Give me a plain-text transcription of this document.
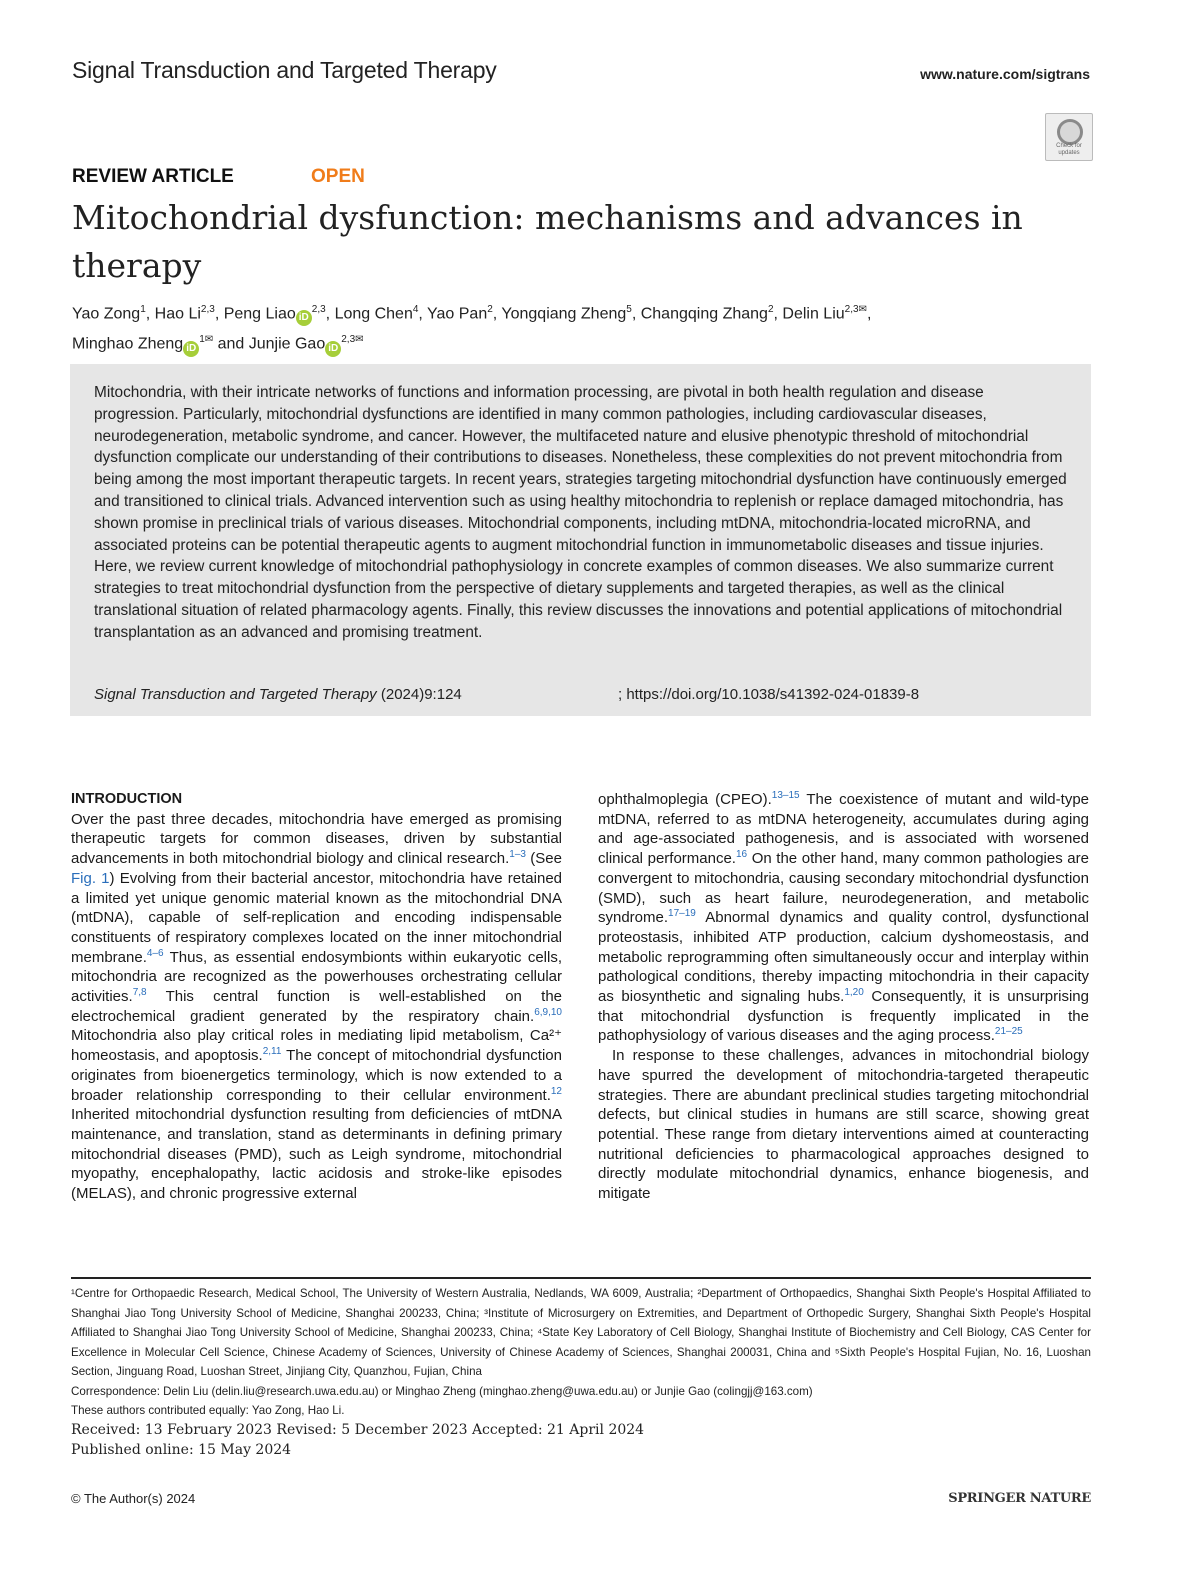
Signal Transduction and Targeted Therapy	www.nature.com/sigtrans
Check for updates
REVIEW ARTICLE	OPEN
Mitochondrial dysfunction: mechanisms and advances in therapy
Yao Zong$^1$, Hao Li$^{2,3}$, Peng Liao iD$^{2,3}$, Long Chen$^4$, Yao Pan$^2$, Yongqiang Zheng$^5$, Changqing Zhang$^2$, Delin Liu$^{2,3✉}$,
Minghao Zheng $iD^{1✉}$ and Junjie Gao $iD^{2,3✉}$

Mitochondria, with their intricate networks of functions and information processing, are pivotal in both health regulation and disease progression. Particularly, mitochondrial dysfunctions are identified in many common pathologies, including cardiovascular diseases, neurodegeneration, metabolic syndrome, and cancer. However, the multifaceted nature and elusive phenotypic threshold of mitochondrial dysfunction complicate our understanding of their contributions to diseases. Nonetheless, these complexities do not prevent mitochondria from being among the most important therapeutic targets. In recent years, strategies targeting mitochondrial dysfunction have continuously emerged and transitioned to clinical trials. Advanced intervention such as using healthy mitochondria to replenish or replace damaged mitochondria, has shown promise in preclinical trials of various diseases. Mitochondrial components, including mtDNA, mitochondria-located microRNA, and associated proteins can be potential therapeutic agents to augment mitochondrial function in immunometabolic diseases and tissue injuries. Here, we review current knowledge of mitochondrial pathophysiology in concrete examples of common diseases. We also summarize current strategies to treat mitochondrial dysfunction from the perspective of dietary supplements and targeted therapies, as well as the clinical translational situation of related pharmacology agents. Finally, this review discusses the innovations and potential applications of mitochondrial transplantation as an advanced and promising treatment.

Signal Transduction and Targeted Therapy (2024)9:124	; https://doi.org/10.1038/s41392-024-01839-8

INTRODUCTION

Over the past three decades, mitochondria have emerged as promising therapeutic targets for common diseases, driven by substantial advancements in both mitochondrial biology and clinical research.$^{1-3}$ (See Fig. 1) Evolving from their bacterial ancestor, mitochondria have retained a limited yet unique genomic material known as the mitochondrial DNA (mtDNA), capable of self-replication and encoding indispensable constituents of respiratory complexes located on the inner mitochondrial membrane.$^{4-6}$ Thus, as essential endosymbionts within eukaryotic cells, mitochondria are recognized as the powerhouses orchestrating cellular activities.$^{7,8}$ This central function is well-established on the electrochemical gradient generated by the respiratory chain.$^{6,9,10}$ Mitochondria also play critical roles in mediating lipid metabolism, Ca²⁺ homeostasis, and apoptosis.$^{2,11}$ The concept of mitochondrial dysfunction originates from bioenergetics terminology, which is now extended to a broader relationship corresponding to their cellular environment.$^{12}$ Inherited mitochondrial dysfunction resulting from deficiencies of mtDNA maintenance, and translation, stand as determinants in defining primary mitochondrial diseases (PMD), such as Leigh syndrome, mitochondrial myopathy, encephalopathy, lactic acidosis and stroke-like episodes (MELAS), and chronic progressive external

ophthalmoplegia (CPEO).$^{13-15}$ The coexistence of mutant and wild-type mtDNA, referred to as mtDNA heterogeneity, accumulates during aging and age-associated pathogenesis, and is associated with worsened clinical performance.$^{16}$ On the other hand, many common pathologies are convergent to mitochondria, causing secondary mitochondrial dysfunction (SMD), such as heart failure, neurodegeneration, and metabolic syndrome.$^{17-19}$ Abnormal dynamics and quality control, dysfunctional proteostasis, inhibited ATP production, calcium dyshomeostasis, and metabolic reprogramming often simultaneously occur and interplay within pathological conditions, thereby impacting mitochondria in their capacity as biosynthetic and signaling hubs.$^{1,20}$ Consequently, it is unsurprising that mitochondrial dysfunction is frequently implicated in the pathophysiology of various diseases and the aging process.$^{21-25}$

In response to these challenges, advances in mitochondrial biology have spurred the development of mitochondria-targeted therapeutic strategies. There are abundant preclinical studies targeting mitochondrial defects, but clinical studies in humans are still scarce, showing great potential. These range from dietary interventions aimed at counteracting nutritional deficiencies to pharmacological approaches designed to directly modulate mitochondrial dynamics, enhance biogenesis, and mitigate

¹Centre for Orthopaedic Research, Medical School, The University of Western Australia, Nedlands, WA 6009, Australia; ²Department of Orthopaedics, Shanghai Sixth People's Hospital Affiliated to Shanghai Jiao Tong University School of Medicine, Shanghai 200233, China; ³Institute of Microsurgery on Extremities, and Department of Orthopedic Surgery, Shanghai Sixth People's Hospital Affiliated to Shanghai Jiao Tong University School of Medicine, Shanghai 200233, China; ⁴State Key Laboratory of Cell Biology, Shanghai Institute of Biochemistry and Cell Biology, CAS Center for Excellence in Molecular Cell Science, Chinese Academy of Sciences, University of Chinese Academy of Sciences, Shanghai 200031, China and ⁵Sixth People's Hospital Fujian, No. 16, Luoshan Section, Jinguang Road, Luoshan Street, Jinjiang City, Quanzhou, Fujian, China
Correspondence: Delin Liu (delin.liu@research.uwa.edu.au) or Minghao Zheng (minghao.zheng@uwa.edu.au) or Junjie Gao (colingjj@163.com)
These authors contributed equally: Yao Zong, Hao Li.
Received: 13 February 2023 Revised: 5 December 2023 Accepted: 21 April 2024
Published online: 15 May 2024
© The Author(s) 2024	SPRINGER NATURE
